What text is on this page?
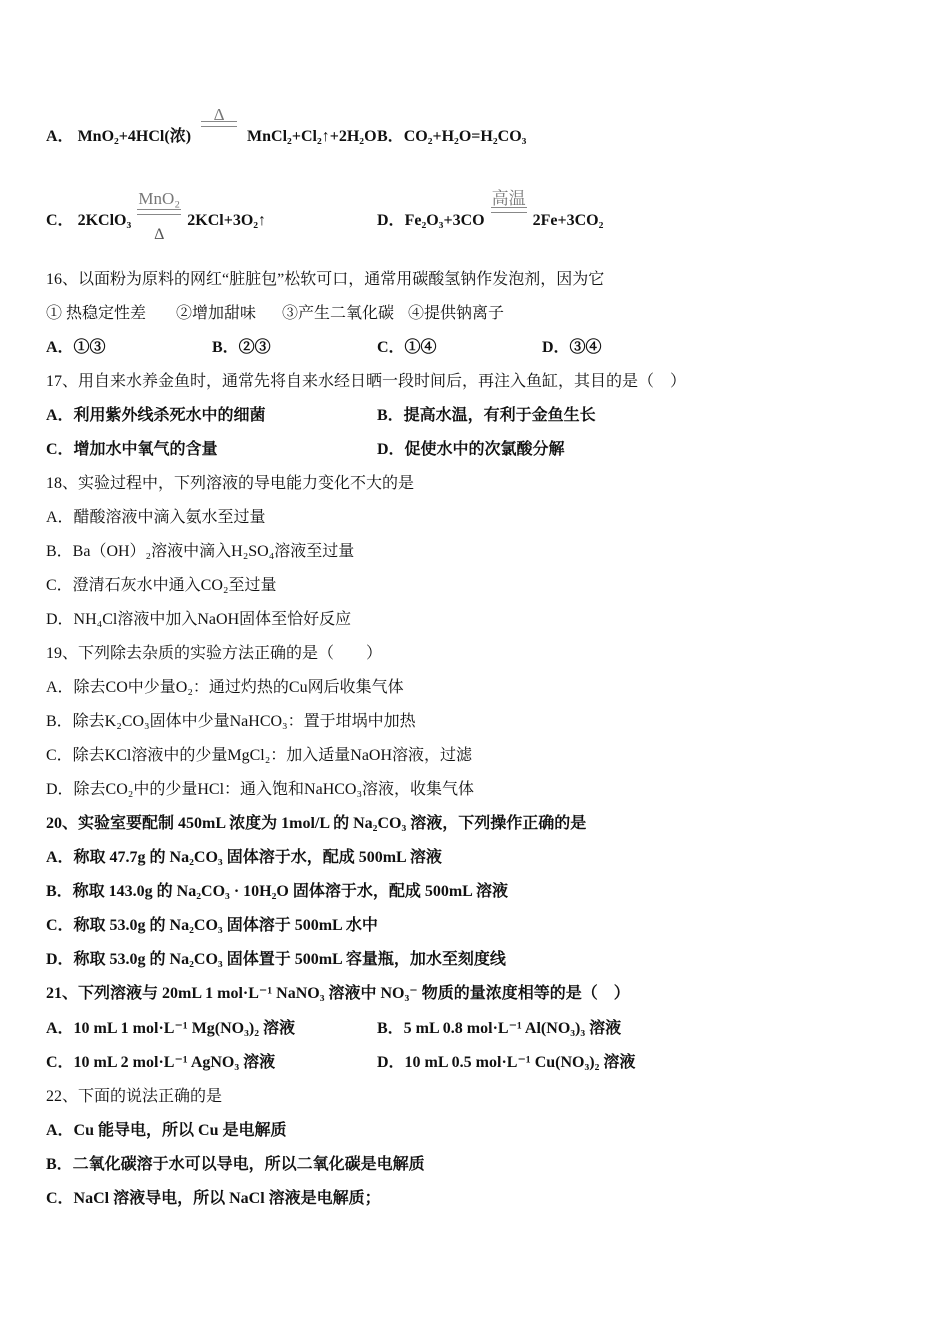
A． MnO₂+4HCl(浓)
Δ
MnCl₂+Cl₂↑+2H₂O B．CO₂+H₂O=H₂CO₃
C． 2KClO₃
MnO₂
Δ
2KCl+3O₂↑	D．Fe₂O₃+3CO
高温
2Fe+3CO₂
16、以面粉为原料的网红“脏脏包”松软可口，通常用碳酸氢钠作发泡剂，因为它
① 热稳定性差 ②增加甜味 ③产生二氧化碳 ④提供钠离子
A．①③	B．②③	C．①④	D．③④
17、用自来水养金鱼时，通常先将自来水经日晒一段时间后，再注入鱼缸，其目的是（　）
A．利用紫外线杀死水中的细菌	B．提高水温，有利于金鱼生长
C．增加水中氧气的含量	D．促使水中的次氯酸分解
18、实验过程中，下列溶液的导电能力变化不大的是
A．醋酸溶液中滴入氨水至过量
B．Ba（OH）₂溶液中滴入H₂SO₄溶液至过量
C．澄清石灰水中通入CO₂至过量
D．NH₄Cl溶液中加入NaOH固体至恰好反应
19、下列除去杂质的实验方法正确的是（　　）
A．除去CO中少量O₂：通过灼热的Cu网后收集气体
B．除去K₂CO₃固体中少量NaHCO₃：置于坩埚中加热
C．除去KCl溶液中的少量MgCl₂：加入适量NaOH溶液，过滤
D．除去CO₂中的少量HCl：通入饱和NaHCO₃溶液，收集气体
20、实验室要配制 450mL 浓度为 1mol/L 的 Na₂CO₃ 溶液，下列操作正确的是
A．称取 47.7g 的 Na₂CO₃ 固体溶于水，配成 500mL 溶液
B．称取 143.0g 的 Na₂CO₃ · 10H₂O 固体溶于水，配成 500mL 溶液
C．称取 53.0g 的 Na₂CO₃ 固体溶于 500mL 水中
D．称取 53.0g 的 Na₂CO₃ 固体置于 500mL 容量瓶，加水至刻度线
21、下列溶液与 20mL 1 mol·L⁻¹ NaNO₃ 溶液中 NO₃⁻ 物质的量浓度相等的是（　）
A．10 mL 1 mol·L⁻¹ Mg(NO₃)₂ 溶液	B．5 mL 0.8 mol·L⁻¹ Al(NO₃)₃ 溶液
C．10 mL 2 mol·L⁻¹ AgNO₃ 溶液	D．10 mL 0.5 mol·L⁻¹ Cu(NO₃)₂ 溶液
22、下面的说法正确的是
A．Cu 能导电，所以 Cu 是电解质
B．二氧化碳溶于水可以导电，所以二氧化碳是电解质
C．NaCl 溶液导电，所以 NaCl 溶液是电解质；
